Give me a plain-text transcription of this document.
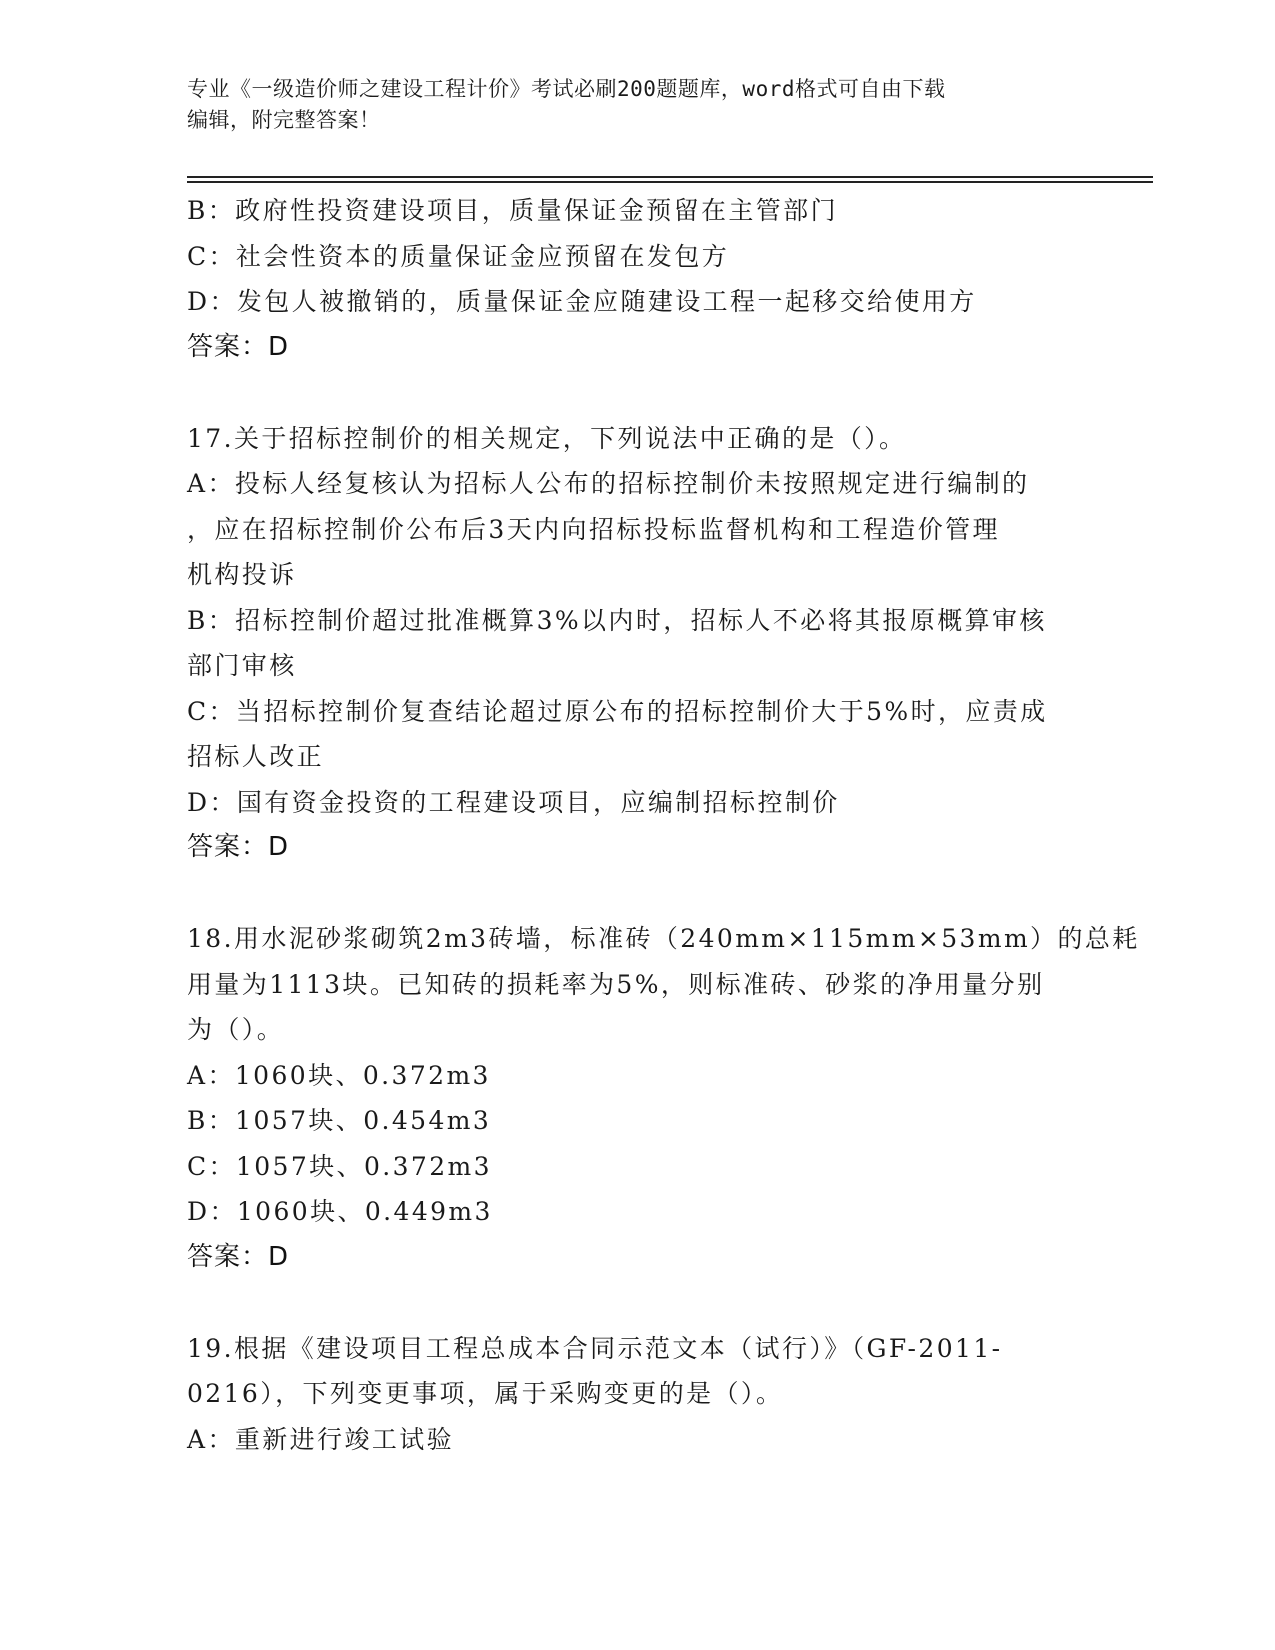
专业《一级造价师之建设工程计价》考试必刷200题题库，word格式可自由下载
编辑，附完整答案！
B：政府性投资建设项目，质量保证金预留在主管部门
C：社会性资本的质量保证金应预留在发包方
D：发包人被撤销的，质量保证金应随建设工程一起移交给使用方
答案：D
17.关于招标控制价的相关规定，下列说法中正确的是（）。
A：投标人经复核认为招标人公布的招标控制价未按照规定进行编制的
，应在招标控制价公布后3天内向招标投标监督机构和工程造价管理
机构投诉
B：招标控制价超过批准概算3%以内时，招标人不必将其报原概算审核
部门审核
C：当招标控制价复查结论超过原公布的招标控制价大于5%时，应责成
招标人改正
D：国有资金投资的工程建设项目，应编制招标控制价
答案：D
18.用水泥砂浆砌筑2m3砖墙，标准砖（240mm×115mm×53mm）的总耗
用量为1113块。已知砖的损耗率为5%，则标准砖、砂浆的净用量分别
为（）。
A：1060块、0.372m3
B：1057块、0.454m3
C：1057块、0.372m3
D：1060块、0.449m3
答案：D
19.根据《建设项目工程总成本合同示范文本（试行）》（GF-2011-
0216），下列变更事项，属于采购变更的是（）。
A：重新进行竣工试验
